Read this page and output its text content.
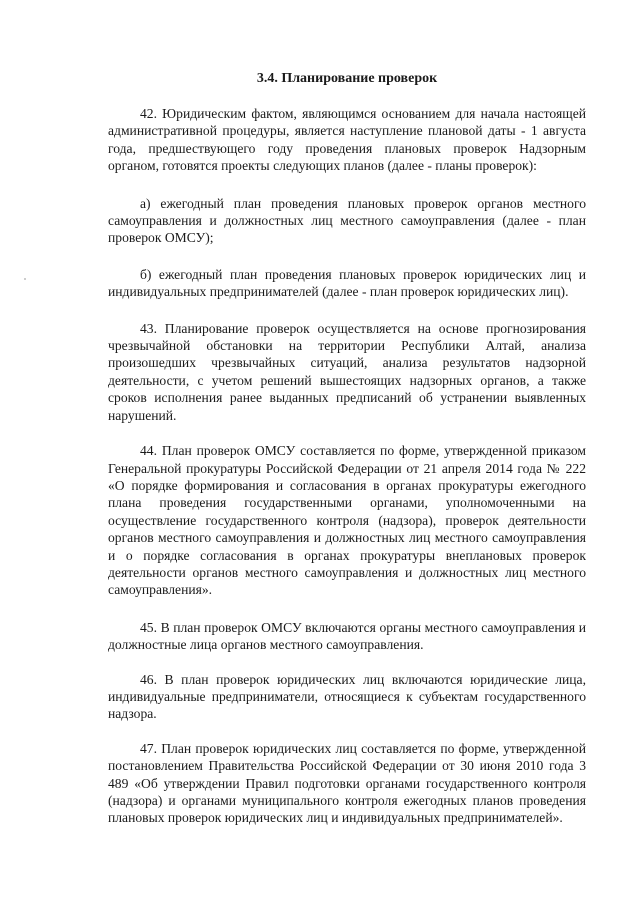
3.4. Планирование проверок

42. Юридическим фактом, являющимся основанием для начала настоящей административной процедуры, является наступление плановой даты - 1 августа года, предшествующего году проведения плановых проверок Надзорным органом, готовятся проекты следующих планов (далее - планы проверок):

а) ежегодный план проведения плановых проверок органов местного самоуправления и должностных лиц местного самоуправления (далее - план проверок ОМСУ);

б) ежегодный план проведения плановых проверок юридических лиц и индивидуальных предпринимателей (далее - план проверок юридических лиц).

43. Планирование проверок осуществляется на основе прогнозирования чрезвычайной обстановки на территории Республики Алтай, анализа произошедших чрезвычайных ситуаций, анализа результатов надзорной деятельности, с учетом решений вышестоящих надзорных органов, а также сроков исполнения ранее выданных предписаний об устранении выявленных нарушений.

44. План проверок ОМСУ составляется по форме, утвержденной приказом Генеральной прокуратуры Российской Федерации от 21 апреля 2014 года № 222 «О порядке формирования и согласования в органах прокуратуры ежегодного плана проведения государственными органами, уполномоченными на осуществление государственного контроля (надзора), проверок деятельности органов местного самоуправления и должностных лиц местного самоуправления и о порядке согласования в органах прокуратуры внеплановых проверок деятельности органов местного самоуправления и должностных лиц местного самоуправления».

45. В план проверок ОМСУ включаются органы местного самоуправления и должностные лица органов местного самоуправления.

46. В план проверок юридических лиц включаются юридические лица, индивидуальные предприниматели, относящиеся к субъектам государственного надзора.

47. План проверок юридических лиц составляется по форме, утвержденной постановлением Правительства Российской Федерации от 30 июня 2010 года 3 489 «Об утверждении Правил подготовки органами государственного контроля (надзора) и органами муниципального контроля ежегодных планов проведения плановых проверок юридических лиц и индивидуальных предпринимателей».
